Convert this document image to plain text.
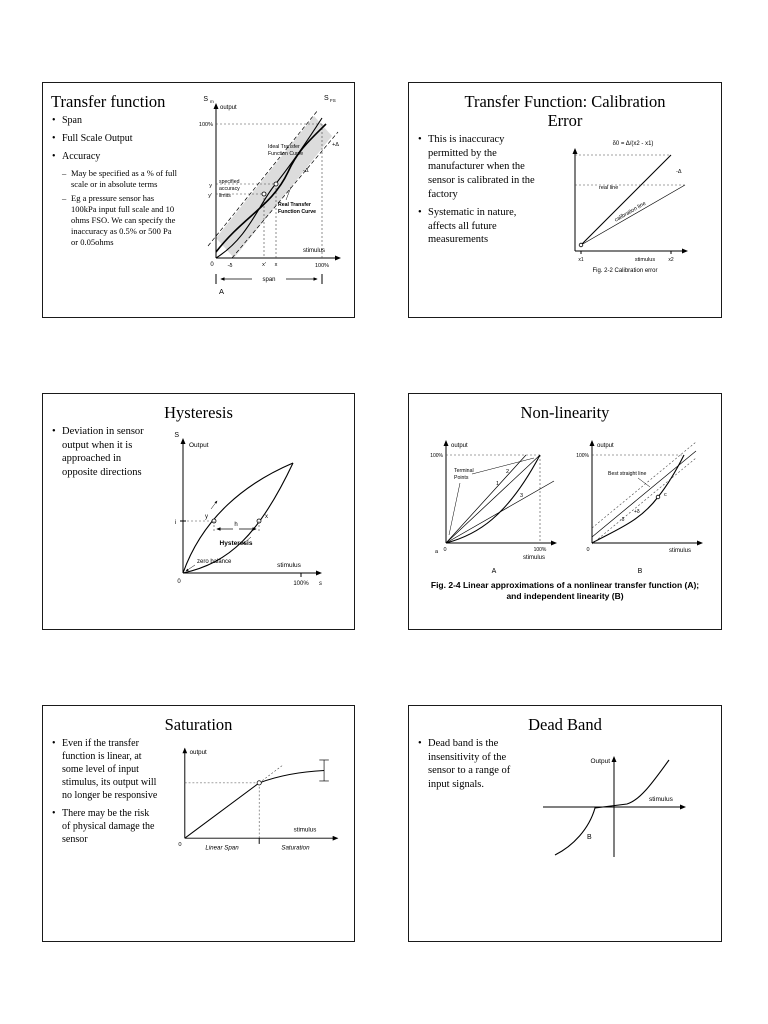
Transfer function
• Span
• Full Scale Output
• Accuracy
– May be specified as a % of full scale or in absolute terms
– Eg a pressure sensor has 100kPa input full scale and 10 ohms FSO. We can specify the inaccuracy as 0.5% or 500 Pa or 0.05ohms
S m	S FS
output
100%
Ideal Transfer
Function Curve
specified
accuracy
limits
Real Transfer
Function Curve
+Δ
-Δ
y
y'
x' x
stimulus
0	-δ	100%
span
A
Transfer Function: Calibration Error
• This is inaccuracy permitted by the manufacturer when the sensor is calibrated in the factory
• Systematic in nature, affects all future measurements
δ0 = Δ/(x2 - x1)
real line
calibration line
-Δ
x1	x2
stimulus
Fig. 2-2 Calibration error
Hysteresis
• Deviation in sensor output when it is approached in opposite directions
S
Output
i
y	x
h
Hysteresis
zero balance	stimulus
0	100% s
Non-linearity
output
100%
Terminal
Points
1
2
3
a 0	100%
stimulus
A
output
100%
Best straight line
c
-δ
+δ
0	stimulus
B
Fig. 2-4 Linear approximations of a nonlinear transfer function (A);
and independent linearity (B)
Saturation
• Even if the transfer function is linear, at some level of input stimulus, its output will no longer be responsive
• There may be the risk of physical damage the sensor
output
stimulus
0	Linear Span	Saturation
Dead Band
• Dead band is the insensitivity of the sensor to a range of input signals.
Output
stimulus
B
